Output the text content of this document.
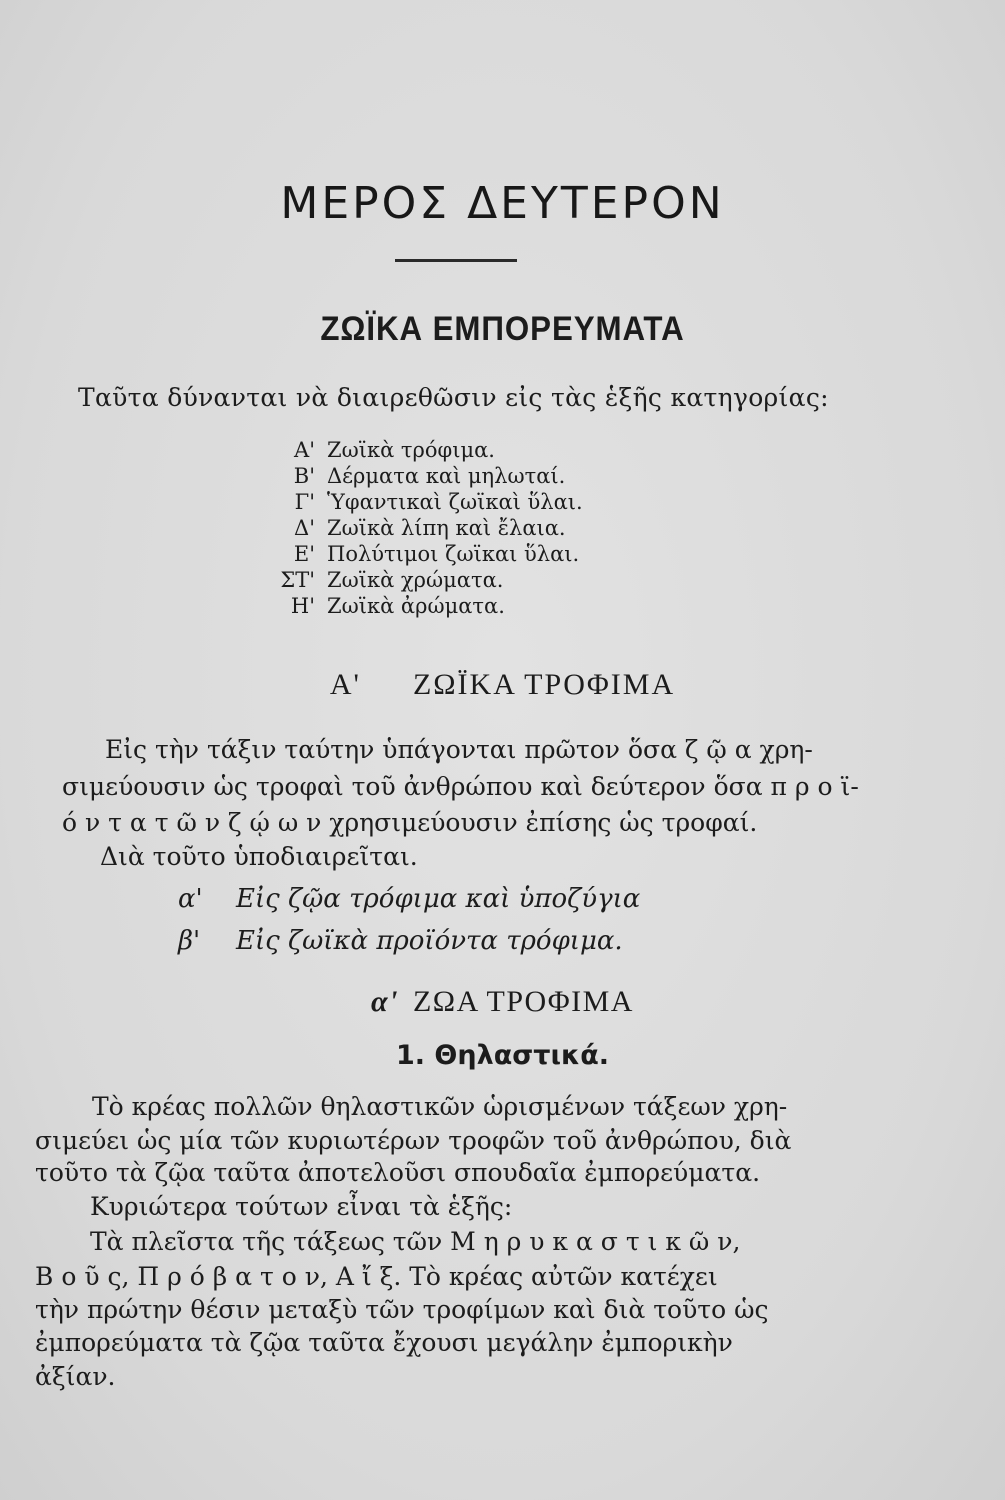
ΜΕΡΟΣ ΔΕΥΤΕΡΟΝ
ΖΩΪΚΑ ΕΜΠΟΡΕΥΜΑΤΑ
Ταῦτα δύνανται νὰ διαιρεθῶσιν εἰς τὰς ἑξῆς κατηγορίας:
Α' Ζωϊκὰ τρόφιμα.
Β' Δέρματα καὶ μηλωταί.
Γ' Ὑφαντικαὶ ζωϊκαὶ ὕλαι.
Δ' Ζωϊκὰ λίπη καὶ ἔλαια.
Ε' Πολύτιμοι ζωϊκαι ὕλαι.
ΣΤ' Ζωϊκὰ χρώματα.
Η' Ζωϊκὰ ἀρώματα.
Α' ΖΩΪΚΑ ΤΡΟΦΙΜΑ
Εἰς τὴν τάξιν ταύτην ὑπάγονται πρῶτον ὅσα ζ ῷ α χρη-
σιμεύουσιν ὡς τροφαὶ τοῦ ἀνθρώπου καὶ δεύτερον ὅσα π ρ ο ϊ-
ό ν τ α τ ῶ ν ζ ῴ ω ν χρησιμεύουσιν ἐπίσης ὡς τροφαί.
Διὰ τοῦτο ὑποδιαιρεῖται.
α' Εἰς ζῷα τρόφιμα καὶ ὑποζύγια
β' Εἰς ζωϊκὰ προϊόντα τρόφιμα.
α' ΖΩΑ ΤΡΟΦΙΜΑ
1. Θηλαστικά.
Τὸ κρέας πολλῶν θηλαστικῶν ὡρισμένων τάξεων χρη-
σιμεύει ὡς μία τῶν κυριωτέρων τροφῶν τοῦ ἀνθρώπου, διὰ
τοῦτο τὰ ζῷα ταῦτα ἀποτελοῦσι σπουδαῖα ἐμπορεύματα.
Κυριώτερα τούτων εἶναι τὰ ἑξῆς:
Τὰ πλεῖστα τῆς τάξεως τῶν Μ η ρ υ κ α σ τ ι κ ῶ ν,
Β ο ῦ ς, Π ρ ό β α τ ο ν, Α ἴ ξ. Τὸ κρέας αὐτῶν κατέχει
τὴν πρώτην θέσιν μεταξὺ τῶν τροφίμων καὶ διὰ τοῦτο ὡς
ἐμπορεύματα τὰ ζῷα ταῦτα ἔχουσι μεγάλην ἐμπορικὴν
ἀξίαν.
